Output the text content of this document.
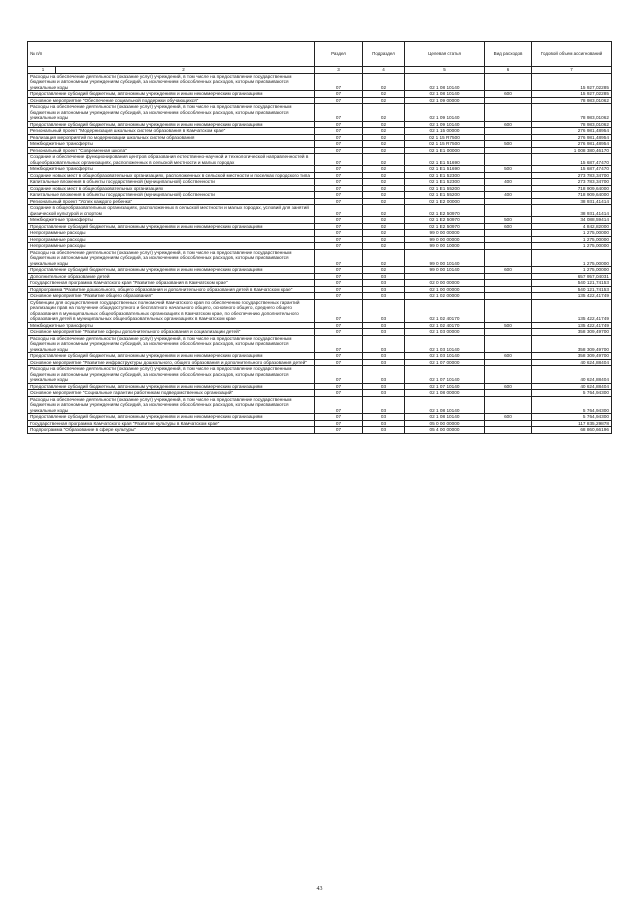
№ п/п	Раздел	Подраздел	Целевая статья	Вид расходов	Годовой объем ассигнований
1 2	3	4	5	6	7
Расходы на обеспечение деятельности (оказание услуг) учреждений, в том числе на предоставление государственным бюджетным и автономным учреждениям субсидий, за исключением обособленных расходов, которым присваиваются уникальные коды	07	02	02 1 08 10140		15 927,02285
Предоставление субсидий бюджетным, автономным учреждениям и иным некоммерческим организациям	07	02	02 1 08 10140	600	15 927,02285
Основное мероприятие "Обеспечение социальной поддержки обучающихся"	07	02	02 1 09 00000		78 983,01062
Расходы на обеспечение деятельности (оказание услуг) учреждений, в том числе на предоставление государственным бюджетным и автономным учреждениям субсидий, за исключением обособленных расходов, которым присваиваются уникальные коды	07	02	02 1 09 10140		78 983,01062
Предоставление субсидий бюджетным, автономным учреждениям и иным некоммерческим организациям	07	02	02 1 09 10140	600	78 983,01062
Региональный проект "Модернизация школьных систем образования в Камчатском крае"	07	02	02 1 15 00000		276 981,48954
Реализация мероприятий по модернизации школьных систем образования	07	02	02 1 15 R7500		276 981,48954
Межбюджетные трансферты	07	02	02 1 15 R7500	500	276 981,48954
Региональный проект "Современная школа"	07	02	02 1 E1 00000		1 008 380,46170
Создание и обеспечение функционирования центров образования естественно-научной и технологической направленностей в общеобразовательных организациях, расположенных в сельской местности и малых городах	07	02	02 1 E1 51690		15 687,47470
Межбюджетные трансферты	07	02	02 1 E1 51690	500	15 687,47470
Создание новых мест в общеобразовательных организациях, расположенных в сельской местности и поселках городского типа	07	02	02 1 E1 52300		273 783,34700
Капитальные вложения в объекты государственной (муниципальной) собственности	07	02	02 1 E1 52300	400	273 783,34700
Создание новых мест в общеобразовательных организациях	07	02	02 1 E1 55200		718 909,64000
Капитальные вложения в объекты государственной (муниципальной) собственности	07	02	02 1 E1 55200	400	718 909,64000
Региональный проект "Успех каждого ребенка"	07	02	02 1 E2 00000		38 931,41414
Создание в общеобразовательных организациях, расположенных в сельской местности и малых городах, условий для занятий физической культурой и спортом	07	02	02 1 E2 50970		38 931,41414
Межбюджетные трансферты	07	02	02 1 E2 50970	500	34 088,59414
Предоставление субсидий бюджетным, автономным учреждениям и иным некоммерческим организациям	07	02	02 1 E2 50970	600	4 842,82000
Непрограммные расходы	07	02	99 0 00 00000		1 275,00000
Непрограммные расходы	07	02	99 0 00 00000		1 275,00000
Непрограммные расходы	07	02	99 0 00 10000		1 275,00000
Расходы на обеспечение деятельности (оказание услуг) учреждений, в том числе на предоставление государственным бюджетным и автономным учреждениям субсидий, за исключением обособленных расходов, которым присваиваются уникальные коды	07	02	99 0 00 10140		1 275,00000
Предоставление субсидий бюджетным, автономным учреждениям и иным некоммерческим организациям	07	02	99 0 00 10140	600	1 275,00000
Дополнительное образование детей	07	03			657 957,04031
Государственная программа Камчатского края "Развитие образования в Камчатском крае"	07	03	02 0 00 00000		540 121,74153
Подпрограмма "Развитие дошкольного, общего образования и дополнительного образования детей в Камчатском крае"	07	03	02 1 00 00000		540 121,74153
Основное мероприятие "Развитие общего образования"	07	03	02 1 02 00000		135 422,41749
Субвенции для осуществления государственных полномочий Камчатского края по обеспечению государственных гарантий реализации прав на получение общедоступного и бесплатного начального общего, основного общего, среднего общего образования в муниципальных общеобразовательных организациях в Камчатском крае, по обеспечению дополнительного образования детей в муниципальных общеобразовательных организациях в Камчатском крае	07	03	02 1 02 40170		135 422,41749
Межбюджетные трансферты	07	03	02 1 02 40170	500	135 422,41749
Основное мероприятие "Развитие сферы дополнительного образования и социализации детей"	07	03	02 1 03 00000		358 309,49700
Расходы на обеспечение деятельности (оказание услуг) учреждений, в том числе на предоставление государственным бюджетным и автономным учреждениям субсидий, за исключением обособленных расходов, которым присваиваются уникальные коды	07	03	02 1 03 10140		358 309,49700
Предоставление субсидий бюджетным, автономным учреждениям и иным некоммерческим организациям	07	03	02 1 03 10140	600	358 309,49700
Основное мероприятие "Развитие инфраструктуры дошкольного, общего образования и дополнительного образования детей"	07	03	02 1 07 00000		40 624,88404
Расходы на обеспечение деятельности (оказание услуг) учреждений, в том числе на предоставление государственным бюджетным и автономным учреждениям субсидий, за исключением обособленных расходов, которым присваиваются уникальные коды	07	03	02 1 07 10140		40 624,88404
Предоставление субсидий бюджетным, автономным учреждениям и иным некоммерческим организациям	07	03	02 1 07 10140	600	40 624,88404
Основное мероприятие "Социальные гарантии работникам подведомственных организаций"	07	03	02 1 08 00000		5 764,94300
Расходы на обеспечение деятельности (оказание услуг) учреждений, в том числе на предоставление государственным бюджетным и автономным учреждениям субсидий, за исключением обособленных расходов, которым присваиваются уникальные коды	07	03	02 1 08 10140		5 764,94300
Предоставление субсидий бюджетным, автономным учреждениям и иным некоммерческим организациям	07	03	02 1 08 10140	600	5 764,94300
Государственная программа Камчатского края "Развитие культуры в Камчатском крае"	07	03	05 0 00 00000		117 835,29878
Подпрограмма "Образование в сфере культуры"	07	03	05 4 00 00000		68 860,66196
43
